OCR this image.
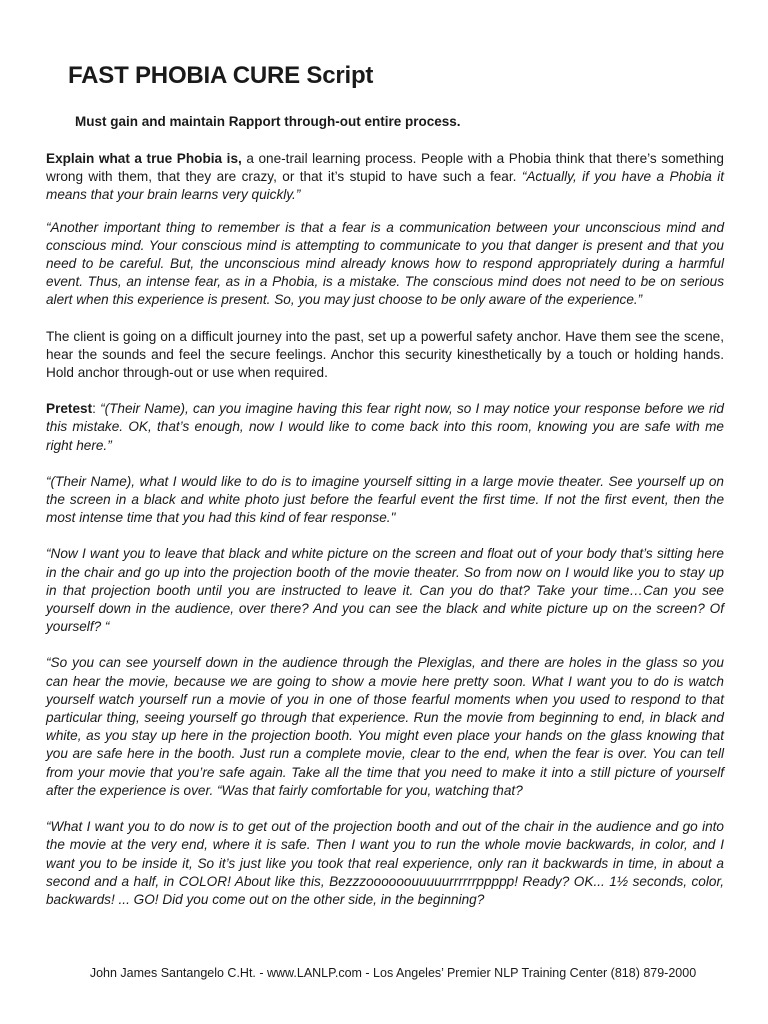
FAST PHOBIA CURE Script

Must gain and maintain Rapport through-out entire process.

Explain what a true Phobia is, a one-trail learning process. People with a Phobia think that there’s something wrong with them, that they are crazy, or that it’s stupid to have such a fear. “Actually, if you have a Phobia it means that your brain learns very quickly.”

“Another important thing to remember is that a fear is a communication between your unconscious mind and conscious mind. Your conscious mind is attempting to communicate to you that danger is present and that you need to be careful. But, the unconscious mind already knows how to respond appropriately during a harmful event. Thus, an intense fear, as in a Phobia, is a mistake. The conscious mind does not need to be on serious alert when this experience is present. So, you may just choose to be only aware of the experience.”

The client is going on a difficult journey into the past, set up a powerful safety anchor. Have them see the scene, hear the sounds and feel the secure feelings. Anchor this security kinesthetically by a touch or holding hands. Hold anchor through-out or use when required.

Pretest: “(Their Name), can you imagine having this fear right now, so I may notice your response before we rid this mistake. OK, that’s enough, now I would like to come back into this room, knowing you are safe with me right here.”

“(Their Name), what I would like to do is to imagine yourself sitting in a large movie theater. See yourself up on the screen in a black and white photo just before the fearful event the first time. If not the first event, then the most intense time that you had this kind of fear response."

“Now I want you to leave that black and white picture on the screen and float out of your body that’s sitting here in the chair and go up into the projection booth of the movie theater. So from now on I would like you to stay up in that projection booth until you are instructed to leave it. Can you do that? Take your time…Can you see yourself down in the audience, over there? And you can see the black and white picture up on the screen? Of yourself? “

“So you can see yourself down in the audience through the Plexiglas, and there are holes in the glass so you can hear the movie, because we are going to show a movie here pretty soon. What I want you to do is watch yourself watch yourself run a movie of you in one of those fearful moments when you used to respond to that particular thing, seeing yourself go through that experience. Run the movie from beginning to end, in black and white, as you stay up here in the projection booth. You might even place your hands on the glass knowing that you are safe here in the booth. Just run a complete movie, clear to the end, when the fear is over. You can tell from your movie that you’re safe again. Take all the time that you need to make it into a still picture of yourself after the experience is over. “Was that fairly comfortable for you, watching that?

“What I want you to do now is to get out of the projection booth and out of the chair in the audience and go into the movie at the very end, where it is safe. Then I want you to run the whole movie backwards, in color, and I want you to be inside it, So it’s just like you took that real experience, only ran it backwards in time, in about a second and a half, in COLOR! About like this, Bezzzoooooouuuuurrrrrrppppp! Ready? OK... 1½ seconds, color, backwards! ... GO! Did you come out on the other side, in the beginning?

John James Santangelo C.Ht. - www.LANLP.com - Los Angeles’ Premier NLP Training Center (818) 879-2000
